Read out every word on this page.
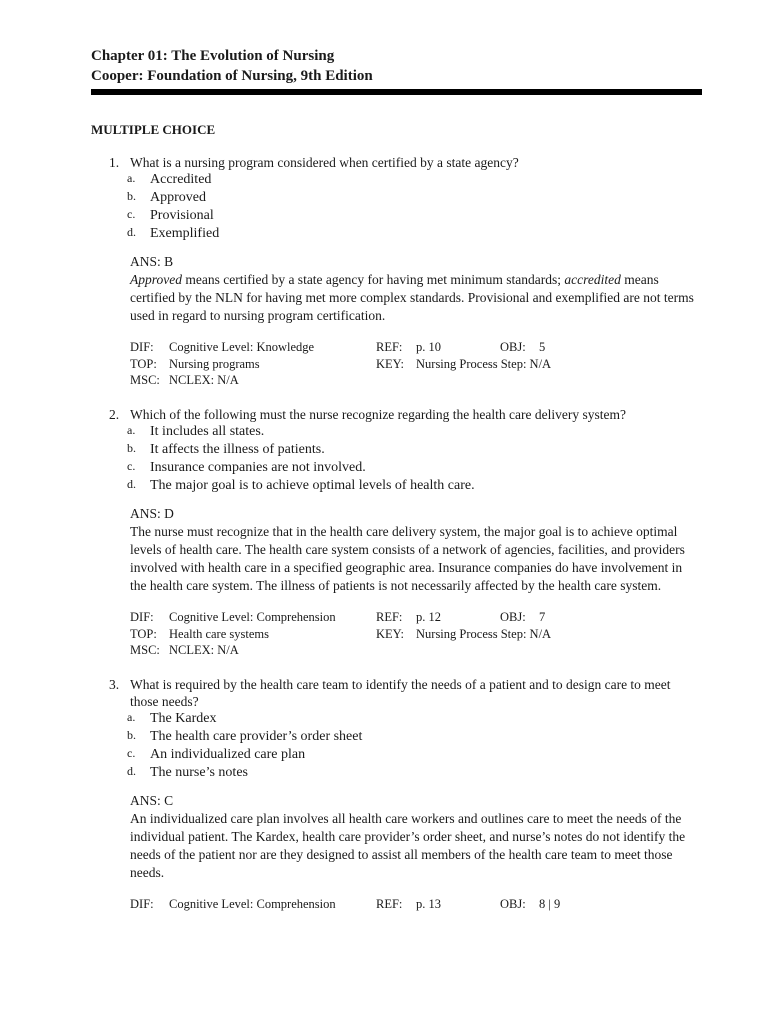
Chapter 01: The Evolution of Nursing
Cooper: Foundation of Nursing, 9th Edition
MULTIPLE CHOICE
1. What is a nursing program considered when certified by a state agency?
a. Accredited
b. Approved
c. Provisional
d. Exemplified
ANS: B
Approved means certified by a state agency for having met minimum standards; accredited means certified by the NLN for having met more complex standards. Provisional and exemplified are not terms used in regard to nursing program certification.
DIF: Cognitive Level: Knowledge	REF: p. 10	OBJ: 5
TOP: Nursing programs	KEY: Nursing Process Step: N/A
MSC: NCLEX: N/A
2. Which of the following must the nurse recognize regarding the health care delivery system?
a. It includes all states.
b. It affects the illness of patients.
c. Insurance companies are not involved.
d. The major goal is to achieve optimal levels of health care.
ANS: D
The nurse must recognize that in the health care delivery system, the major goal is to achieve optimal levels of health care. The health care system consists of a network of agencies, facilities, and providers involved with health care in a specified geographic area. Insurance companies do have involvement in the health care system. The illness of patients is not necessarily affected by the health care system.
DIF: Cognitive Level: Comprehension	REF: p. 12	OBJ: 7
TOP: Health care systems	KEY: Nursing Process Step: N/A
MSC: NCLEX: N/A
3. What is required by the health care team to identify the needs of a patient and to design care to meet those needs?
a. The Kardex
b. The health care provider’s order sheet
c. An individualized care plan
d. The nurse’s notes
ANS: C
An individualized care plan involves all health care workers and outlines care to meet the needs of the individual patient. The Kardex, health care provider’s order sheet, and nurse’s notes do not identify the needs of the patient nor are they designed to assist all members of the health care team to meet those needs.
DIF: Cognitive Level: Comprehension	REF: p. 13	OBJ: 8 | 9
